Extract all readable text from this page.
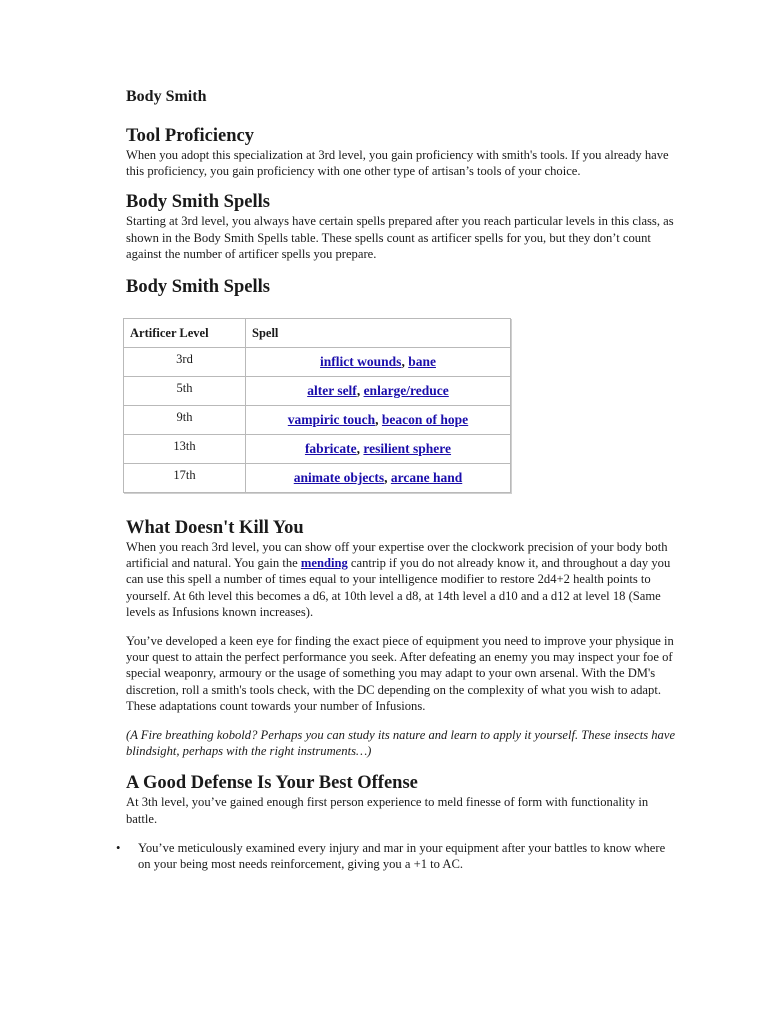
Body Smith
Tool Proficiency

When you adopt this specialization at 3rd level, you gain proficiency with smith's tools. If you already have this proficiency, you gain proficiency with one other type of artisan’s tools of your choice.

Body Smith Spells

Starting at 3rd level, you always have certain spells prepared after you reach particular levels in this class, as shown in the Body Smith Spells table. These spells count as artificer spells for you, but they don’t count against the number of artificer spells you prepare.

Body Smith Spells
Artificer Level	Spell
3rd	inflict wounds, bane
5th	alter self, enlarge/reduce
9th	vampiric touch, beacon of hope
13th	fabricate, resilient sphere
17th	animate objects, arcane hand
What Doesn't Kill You

When you reach 3rd level, you can show off your expertise over the clockwork precision of your body both artificial and natural. You gain the mending cantrip if you do not already know it, and throughout a day you can use this spell a number of times equal to your intelligence modifier to restore 2d4+2 health points to yourself. At 6th level this becomes a d6, at 10th level a d8, at 14th level a d10 and a d12 at level 18 (Same levels as Infusions known increases).

You’ve developed a keen eye for finding the exact piece of equipment you need to improve your physique in your quest to attain the perfect performance you seek. After defeating an enemy you may inspect your foe of special weaponry, armoury or the usage of something you may adapt to your own arsenal. With the DM's discretion, roll a smith's tools check, with the DC depending on the complexity of what you wish to adapt. These adaptations count towards your number of Infusions.

(A Fire breathing kobold? Perhaps you can study its nature and learn to apply it yourself. These insects have blindsight, perhaps with the right instruments…)

A Good Defense Is Your Best Offense

At 3th level, you’ve gained enough first person experience to meld finesse of form with functionality in battle.

• You’ve meticulously examined every injury and mar in your equipment after your battles to know where on your being most needs reinforcement, giving you a +1 to AC.
